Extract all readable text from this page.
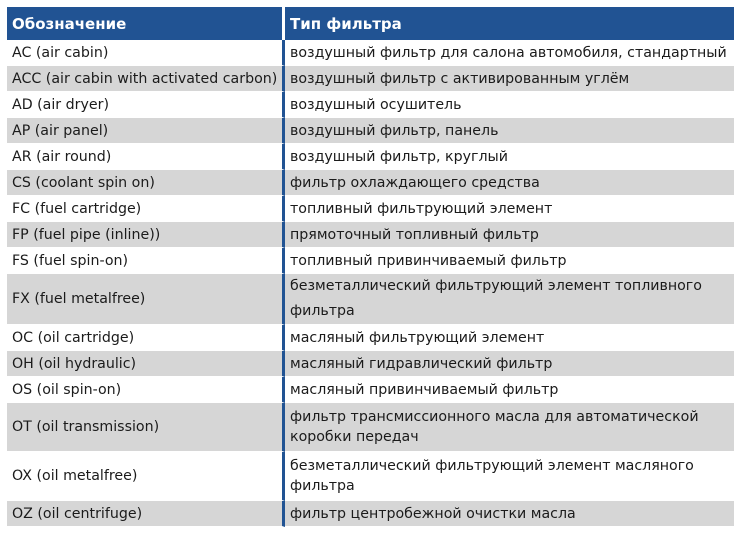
Обозначение	Тип фильтра
AC (air cabin)	воздушный фильтр для салона автомобиля, стандартный
ACC (air cabin with activated carbon)	воздушный фильтр с активированным углём
AD (air dryer)	воздушный осушитель
AP (air panel)	воздушный фильтр, панель
AR (air round)	воздушный фильтр, круглый
CS (coolant spin on)	фильтр охлаждающего средства
FC (fuel cartridge)	топливный фильтрующий элемент
FP (fuel pipe (inline))	прямоточный топливный фильтр
FS (fuel spin-on)	топливный привинчиваемый фильтр
FX (fuel metalfree)	безметаллический фильтрующий элемент топливного фильтра

OC (oil cartridge)	масляный фильтрующий элемент
OH (oil hydraulic)	масляный гидравлический фильтр
OS (oil spin-on)	масляный привинчиваемый фильтр
OT (oil transmission)	фильтр трансмиссионного масла для автоматической коробки передач

OX (oil metalfree)	безметаллический фильтрующий элемент масляного фильтра

OZ (oil centrifuge)	фильтр центробежной очистки масла
